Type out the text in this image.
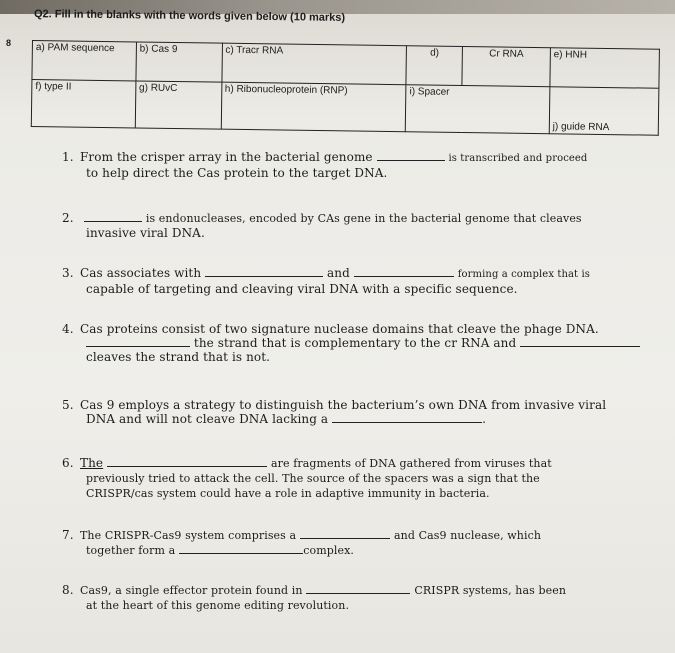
Q2. Fill in the blanks with the words given below (10 marks)
8 a) PAM sequence	b) Cas 9	c) Tracr RNA	d)	Cr RNA	e) HNH
f) type II	g) RUvC	h) Ribonucleoprotein (RNP)	i) Spacer		j) guide RNA
1. From the crisper array in the bacterial genome	is transcribed and proceed
to help direct the Cas protein to the target DNA.
2.	is endonucleases, encoded by CAs gene in the bacterial genome that cleaves
invasive viral DNA.
3. Cas associates with	and	forming a complex that is
capable of targeting and cleaving viral DNA with a specific sequence.
4. Cas proteins consist of two signature nuclease domains that cleave the phage DNA.
the strand that is complementary to the cr RNA and
cleaves the strand that is not.
5. Cas 9 employs a strategy to distinguish the bacterium’s own DNA from invasive viral
DNA and will not cleave DNA lacking a	.
6. The	are fragments of DNA gathered from viruses that
previously tried to attack the cell. The source of the spacers was a sign that the
CRISPR/cas system could have a role in adaptive immunity in bacteria.
7. The CRISPR-Cas9 system comprises a	and Cas9 nuclease, which
together form a	complex.
8. Cas9, a single effector protein found in	CRISPR systems, has been
at the heart of this genome editing revolution.
